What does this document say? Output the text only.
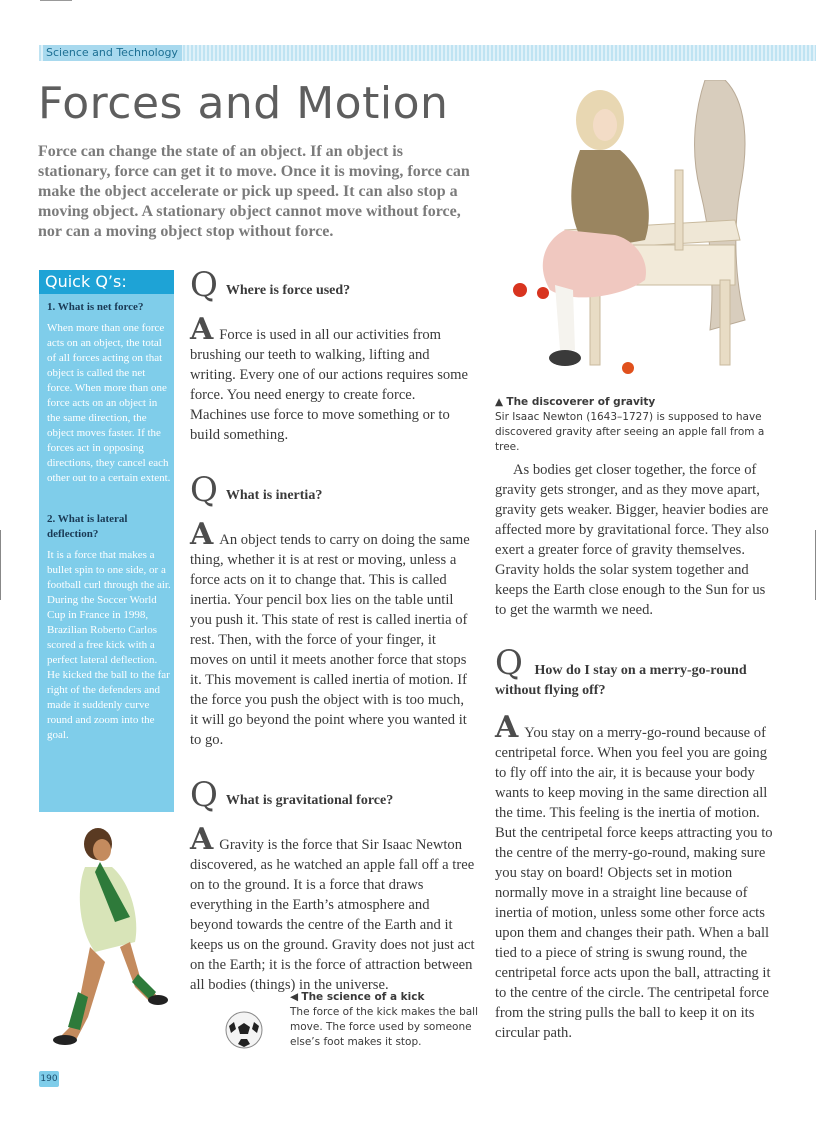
Science and Technology
Forces and Motion

Force can change the state of an object. If an object is stationary, force can get it to move. Once it is moving, force can make the object accelerate or pick up speed. It can also stop a moving object. A stationary object cannot move without force, nor can a moving object stop without force.

▲ The discoverer of gravity
Sir Isaac Newton (1643–1727) is supposed to have discovered gravity after seeing an apple fall from a tree.
Quick Q’s:

1. What is net force?

When more than one force acts on an object, the total of all forces acting on that object is called the net force. When more than one force acts on an object in the same direction, the object moves faster. If the forces act in opposing directions, they cancel each other out to a certain extent.

2. What is lateral deflection?

It is a force that makes a bullet spin to one side, or a football curl through the air. During the Soccer World Cup in France in 1998, Brazilian Roberto Carlos scored a free kick with a perfect lateral deflection. He kicked the ball to the far right of the defenders and made it suddenly curve round and zoom into the goal.

Q Where is force used?

A Force is used in all our activities from brushing our teeth to walking, lifting and writing. Every one of our actions requires some force. You need energy to create force. Machines use force to move something or to build something.

Q What is inertia?

A An object tends to carry on doing the same thing, whether it is at rest or moving, unless a force acts on it to change that. This is called inertia. Your pencil box lies on the table until you push it. This state of rest is called inertia of rest. Then, with the force of your finger, it moves on until it meets another force that stops it. This movement is called inertia of motion. If the force you push the object with is too much, it will go beyond the point where you wanted it to go.

Q What is gravitational force?

A Gravity is the force that Sir Isaac Newton discovered, as he watched an apple fall off a tree on to the ground. It is a force that draws everything in the Earth’s atmosphere and beyond towards the centre of the Earth and it keeps us on the ground. Gravity does not just act on the Earth; it is the force of attraction between all bodies (things) in the universe.

◀ The science of a kick
The force of the kick makes the ball move. The force used by someone else’s foot makes it stop.

As bodies get closer together, the force of gravity gets stronger, and as they move apart, gravity gets weaker. Bigger, heavier bodies are affected more by gravitational force. They also exert a greater force of gravity themselves. Gravity holds the solar system together and keeps the Earth close enough to the Sun for us to get the warmth we need.

Q How do I stay on a merry-go-round without flying off?

A You stay on a merry-go-round because of centripetal force. When you feel you are going to fly off into the air, it is because your body wants to keep moving in the same direction all the time. This feeling is the inertia of motion. But the centripetal force keeps attracting you to the centre of the merry-go-round, making sure you stay on board! Objects set in motion normally move in a straight line because of inertia of motion, unless some other force acts upon them and changes their path. When a ball tied to a piece of string is swung round, the centripetal force acts upon the ball, attracting it to the centre of the circle. The centripetal force from the string pulls the ball to keep it on its circular path.

190
